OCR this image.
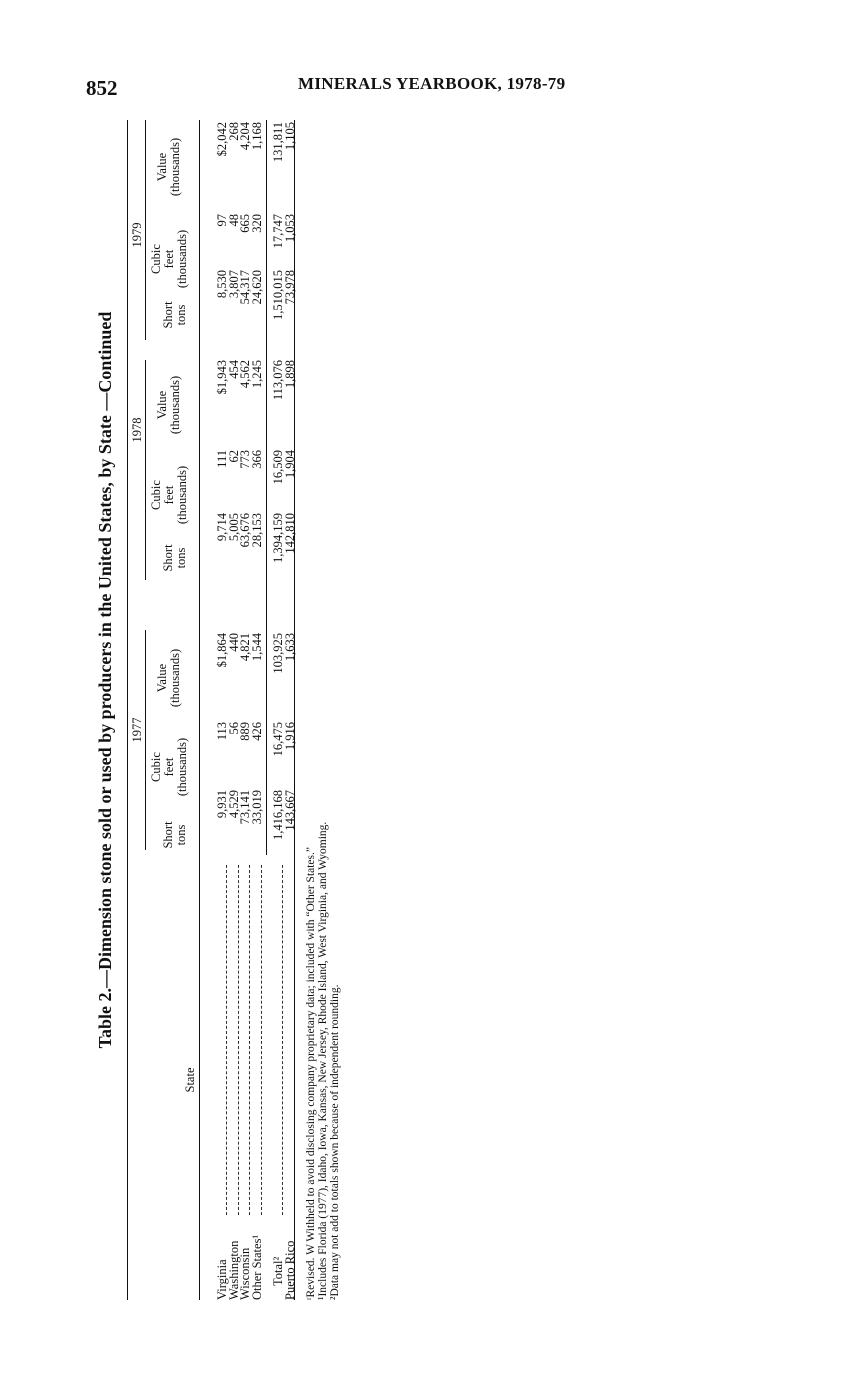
852	MINERALS YEARBOOK, 1978-79
Table 2.—Dimension stone sold or used by producers in the United States, by State —Continued
State
1977
1978
1979
Short tons
Cubic feet (thousands)
Value (thousands)
Short tons
Cubic feet (thousands)
Value (thousands)
Short tons
Cubic feet (thousands)
Value (thousands)
Virginia
9,931
113
$1,864
9,714
111
$1,943
8,530
97
$2,042
Washington
4,529
56
440
5,005
62
454
3,807
48
268
Wisconsin
73,141
889
4,821
63,676
773
4,562
54,317
665
4,204
Other States¹
33,019
426
1,544
28,153
366
1,245
24,620
320
1,168
Total²
1,416,168
16,475
103,925
1,394,159
16,509
113,076
1,510,015
17,747
131,811
Puerto Rico
143,667
1,916
1,633
142,810
1,904
1,898
73,978
1,053
1,105
ʳRevised. W Withheld to avoid disclosing company proprietary data; included with “Other States.” ¹Includes Florida (1977), Idaho, Iowa, Kansas, New Jersey, Rhode Island, West Virginia, and Wyoming. ²Data may not add to totals shown because of independent rounding.
